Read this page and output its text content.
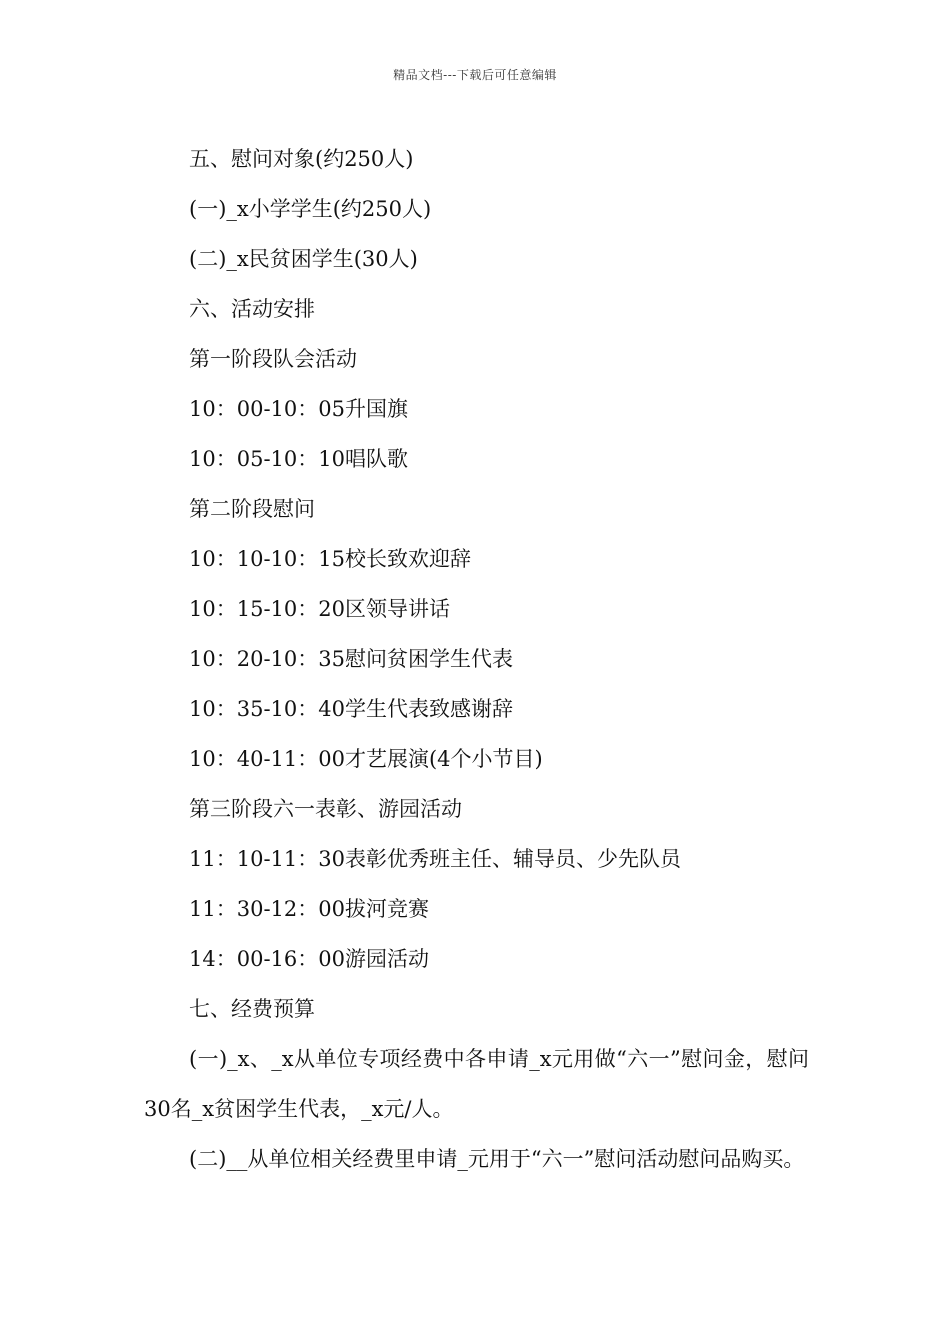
精品文档---下载后可任意编辑
五、慰问对象(约250人)
(一)_x小学学生(约250人)
(二)_x民贫困学生(30人)
六、活动安排
第一阶段队会活动
10：00-10：05升国旗
10：05-10：10唱队歌
第二阶段慰问
10：10-10：15校长致欢迎辞
10：15-10：20区领导讲话
10：20-10：35慰问贫困学生代表
10：35-10：40学生代表致感谢辞
10：40-11：00才艺展演(4个小节目)
第三阶段六一表彰、游园活动
11：10-11：30表彰优秀班主任、辅导员、少先队员
11：30-12：00拔河竞赛
14：00-16：00游园活动
七、经费预算
(一)_x、_x从单位专项经费中各申请_x元用做“六一”慰问金，慰问30名_x贫困学生代表，_x元/人。
(二)__从单位相关经费里申请_元用于“六一”慰问活动慰问品购买。
